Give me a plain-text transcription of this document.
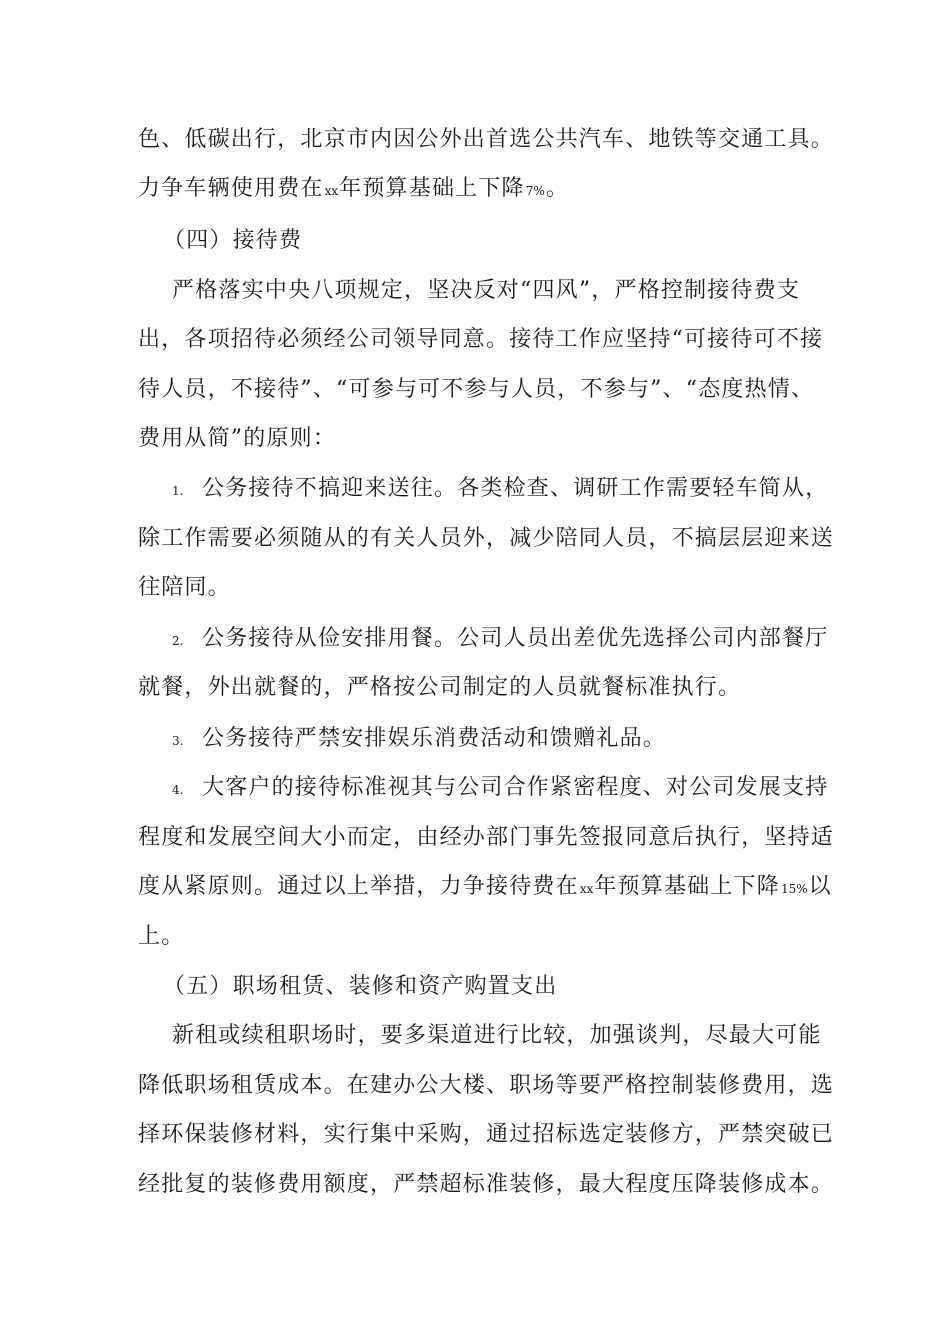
色、低碳出行，北京市内因公外出首选公共汽车、地铁等交通工具。
力争车辆使用费在xx年预算基础上下降7%。
（四）接待费
严格落实中央八项规定，坚决反对“四风”，严格控制接待费支
出，各项招待必须经公司领导同意。接待工作应坚持“可接待可不接
待人员，不接待”、“可参与可不参与人员，不参与”、“态度热情、
费用从简”的原则：
1. 公务接待不搞迎来送往。各类检查、调研工作需要轻车简从，
除工作需要必须随从的有关人员外，减少陪同人员，不搞层层迎来送
往陪同。
2. 公务接待从俭安排用餐。公司人员出差优先选择公司内部餐厅
就餐，外出就餐的，严格按公司制定的人员就餐标准执行。
3. 公务接待严禁安排娱乐消费活动和馈赠礼品。
4. 大客户的接待标准视其与公司合作紧密程度、对公司发展支持
程度和发展空间大小而定，由经办部门事先签报同意后执行，坚持适
度从紧原则。通过以上举措，力争接待费在xx年预算基础上下降15%以
上。
（五）职场租赁、装修和资产购置支出
新租或续租职场时，要多渠道进行比较，加强谈判，尽最大可能
降低职场租赁成本。在建办公大楼、职场等要严格控制装修费用，选
择环保装修材料，实行集中采购，通过招标选定装修方，严禁突破已
经批复的装修费用额度，严禁超标准装修，最大程度压降装修成本。
